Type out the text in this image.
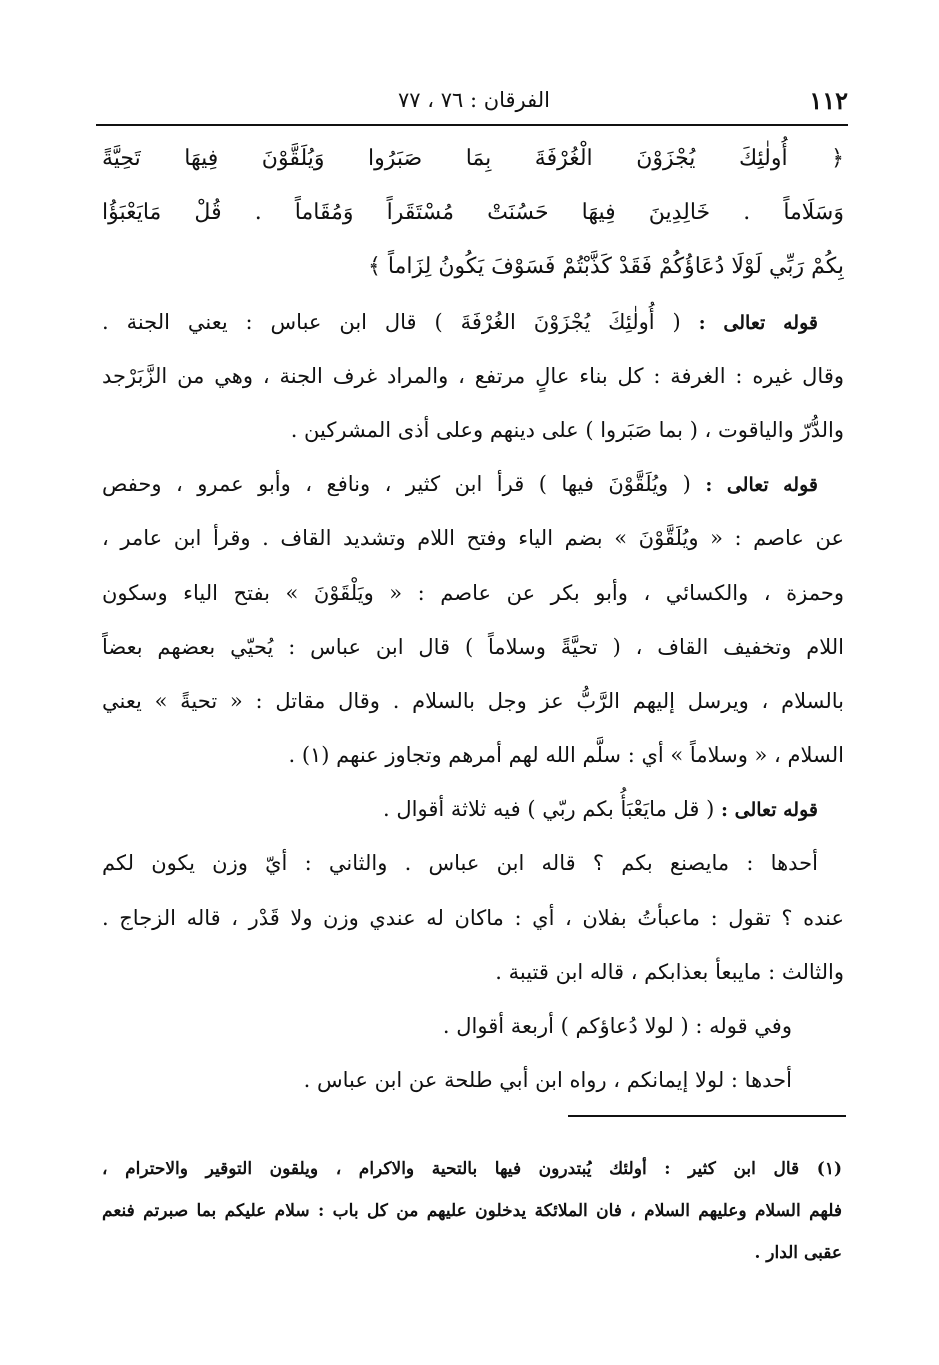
١١٢
الفرقان : ٧٦ ، ٧٧
﴿ أُولٰئِكَ يُجْزَوْنَ الْغُرْفَةَ بِمَا صَبَرُوا وَيُلَقَّوْنَ فِيهَا تَحِيَّةً
وَسَلَاماً . خَالِدِينَ فِيهَا حَسُنَتْ مُسْتَقَراً وَمُقَاماً . قُلْ مَايَعْبَؤُا
بِكُمْ رَبِّي لَوْلَا دُعَاؤُكُمْ فَقَدْ كَذَّبْتُمْ فَسَوْفَ يَكُونُ لِزَاماً ﴾
قوله تعالى : ( أُولٰئِكَ يُجْزَوْنَ الغُرْفَةَ ) قال ابن عباس : يعني الجنة .
وقال غيره : الغرفة : كل بناء عالٍ مرتفع ، والمراد غرف الجنة ، وهي من الزَّبَرْجد
والدُّرّ والياقوت ، ( بما صَبَروا ) على دينهم وعلى أذى المشركين .
قوله تعالى : ( ويُلَقَّوْنَ فيها ) قرأ ابن كثير ، ونافع ، وأبو عمرو ، وحفص
عن عاصم : « ويُلَقَّوْنَ » بضم الياء وفتح اللام وتشديد القاف . وقرأ ابن عامر ،
وحمزة ، والكسائي ، وأبو بكر عن عاصم : « ويَلْقَوْنَ » بفتح الياء وسكون
اللام وتخفيف القاف ، ( تحيَّةً وسلاماً ) قال ابن عباس : يُحيّي بعضهم بعضاً
بالسلام ، ويرسل إليهم الرَّبُّ عز وجل بالسلام . وقال مقاتل : « تحيةً » يعني
السلام ، « وسلاماً » أي : سلَّم الله لهم أمرهم وتجاوز عنهم (١) .
قوله تعالى : ( قل مايَعْبَأُ بكم ربّي ) فيه ثلاثة أقوال .
أحدها : مايصنع بكم ؟ قاله ابن عباس . والثاني : أيّ وزن يكون لكم
عنده ؟ تقول : ماعبأتُ بفلان ، أي : ماكان له عندي وزن ولا قَدْر ، قاله الزجاج .
والثالث : مايبعأ بعذابكم ، قاله ابن قتيبة .
وفي قوله : ( لولا دُعاؤكم ) أربعة أقوال .
أحدها : لولا إيمانكم ، رواه ابن أبي طلحة عن ابن عباس .
(١) قال ابن كثير : أولئك يُبتدرون فيها بالتحية والاكرام ، ويلقون التوقير والاحترام ،
فلهم السلام وعليهم السلام ، فان الملائكة يدخلون عليهم من كل باب : سلام عليكم بما صبرتم فنعم
عقبى الدار .
